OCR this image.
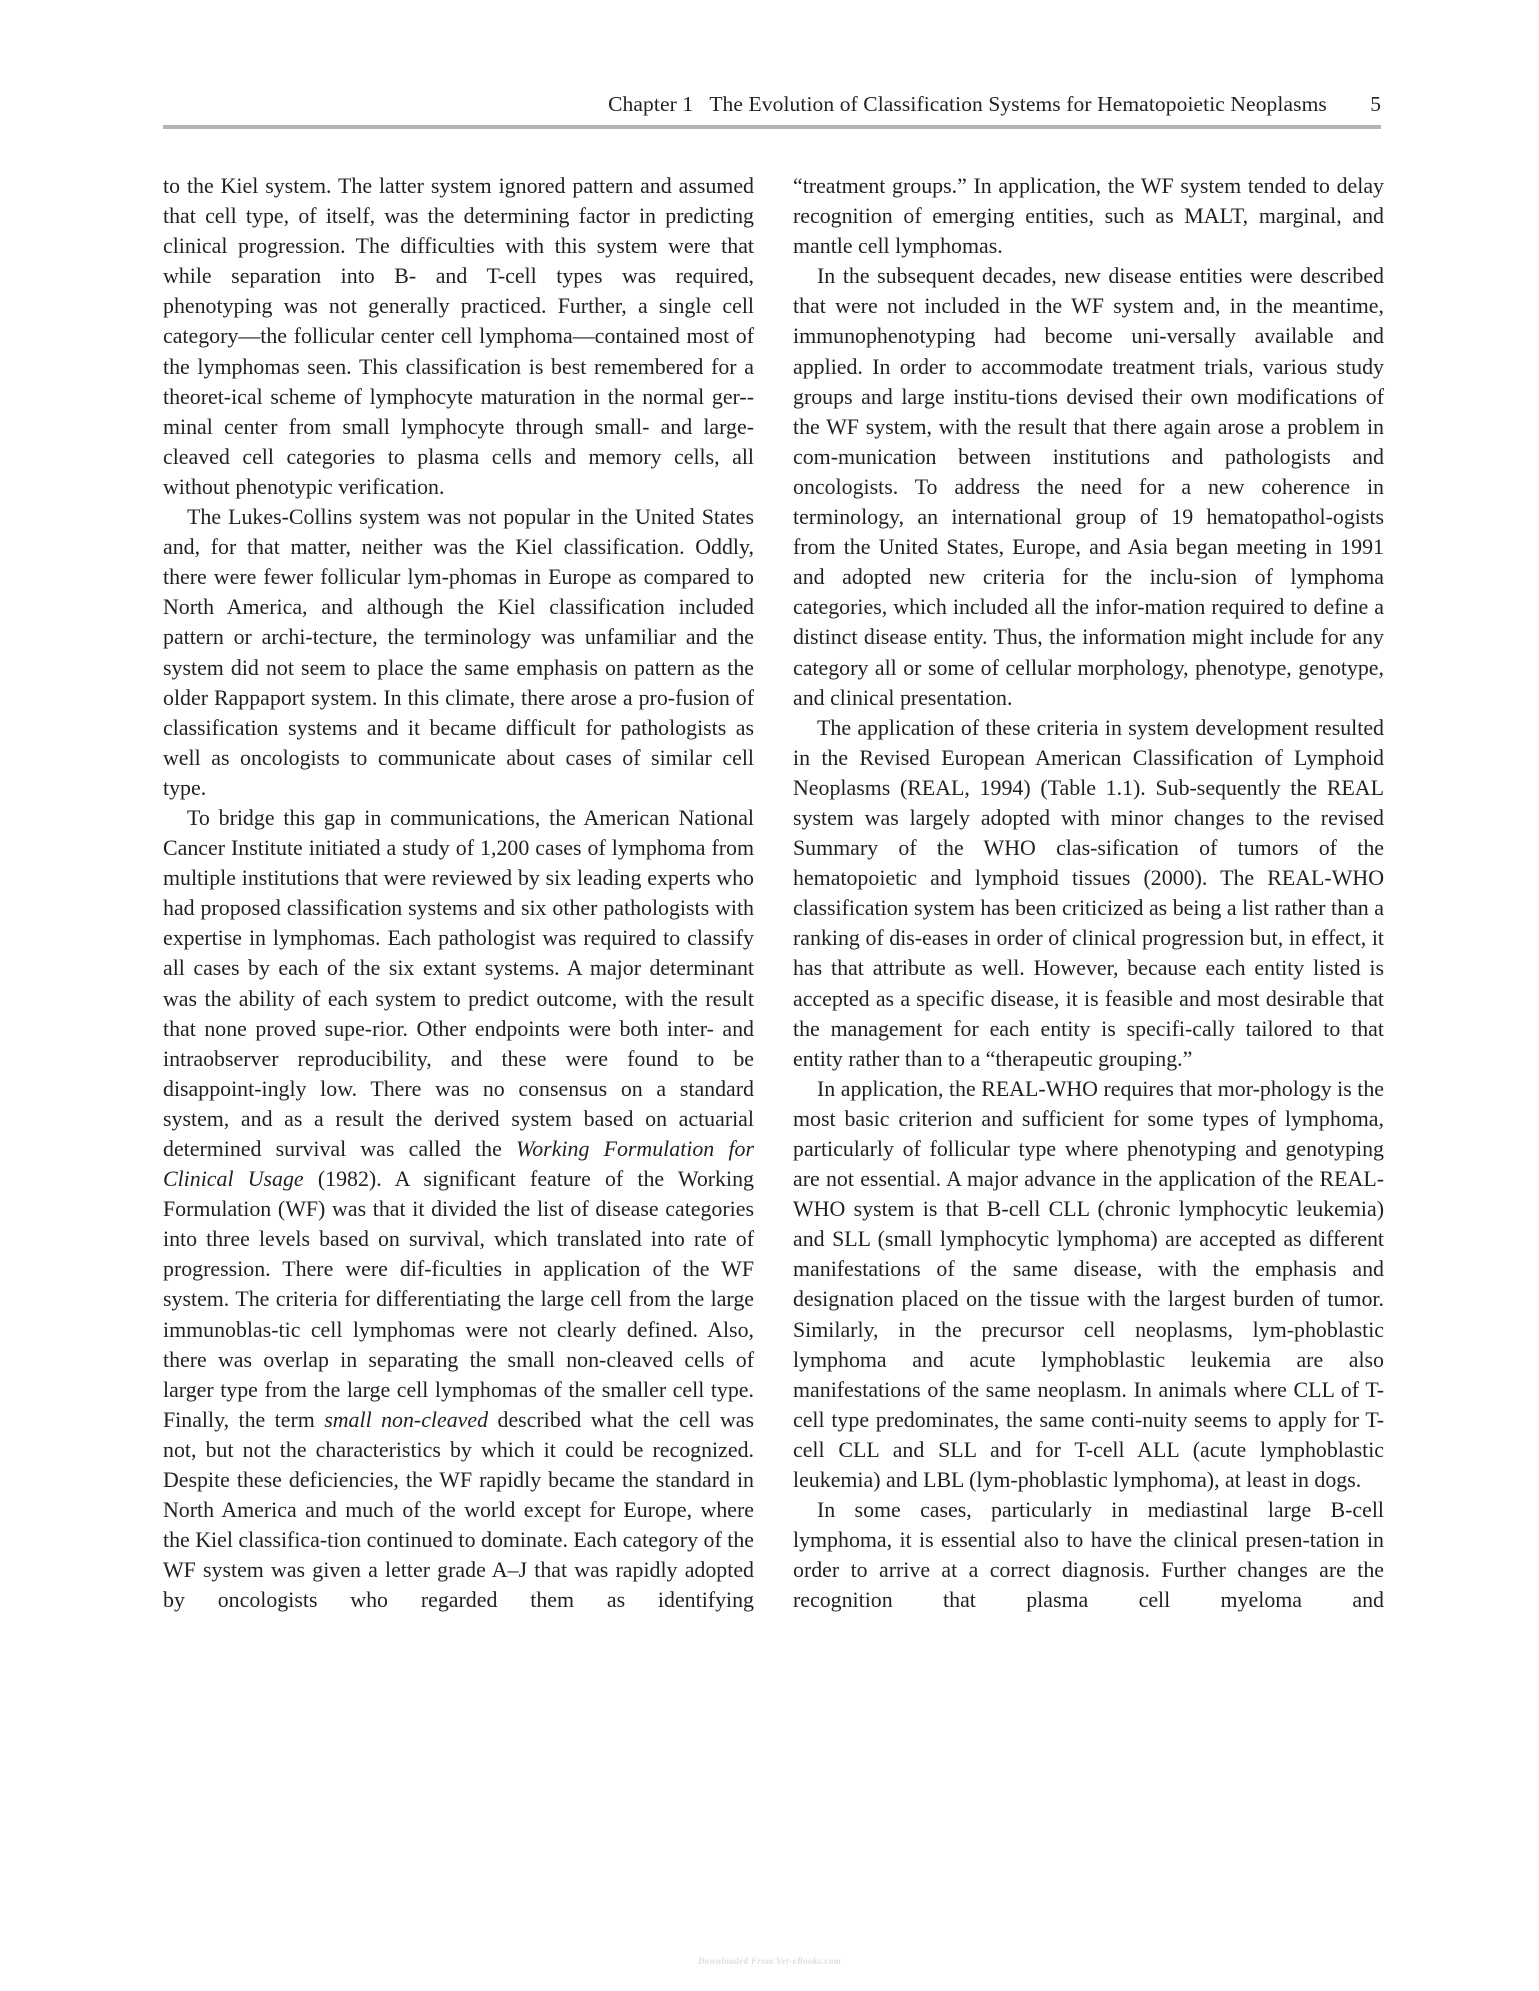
Chapter 1 The Evolution of Classification Systems for Hematopoietic Neoplasms 5

to the Kiel system. The latter system ignored pattern and assumed that cell type, of itself, was the determining factor in predicting clinical progression. The difficulties with this system were that while separation into B- and T-cell types was required, phenotyping was not generally practiced. Further, a single cell category—the follicular center cell lymphoma—contained most of the lymphomas seen. This classification is best remembered for a theoret-ical scheme of lymphocyte maturation in the normal ger-minal center from small lymphocyte through small- and large-cleaved cell categories to plasma cells and memory cells, all without phenotypic verification.

The Lukes-Collins system was not popular in the United States and, for that matter, neither was the Kiel classification. Oddly, there were fewer follicular lym-phomas in Europe as compared to North America, and although the Kiel classification included pattern or archi-tecture, the terminology was unfamiliar and the system did not seem to place the same emphasis on pattern as the older Rappaport system. In this climate, there arose a pro-fusion of classification systems and it became difficult for pathologists as well as oncologists to communicate about cases of similar cell type.

To bridge this gap in communications, the American National Cancer Institute initiated a study of 1,200 cases of lymphoma from multiple institutions that were reviewed by six leading experts who had proposed classification systems and six other pathologists with expertise in lymphomas. Each pathologist was required to classify all cases by each of the six extant systems. A major determinant was the ability of each system to predict outcome, with the result that none proved supe-rior. Other endpoints were both inter- and intraobserver reproducibility, and these were found to be disappoint-ingly low. There was no consensus on a standard system, and as a result the derived system based on actuarial determined survival was called the Working Formulation for Clinical Usage (1982). A significant feature of the Working Formulation (WF) was that it divided the list of disease categories into three levels based on survival, which translated into rate of progression. There were dif-ficulties in application of the WF system. The criteria for differentiating the large cell from the large immunoblas-tic cell lymphomas were not clearly defined. Also, there was overlap in separating the small non-cleaved cells of larger type from the large cell lymphomas of the smaller cell type. Finally, the term small non-cleaved described what the cell was not, but not the characteristics by which it could be recognized. Despite these deficiencies, the WF rapidly became the standard in North America and much of the world except for Europe, where the Kiel classifica-tion continued to dominate. Each category of the WF system was given a letter grade A–J that was rapidly adopted by oncologists who regarded them as identifying

“treatment groups.” In application, the WF system tended to delay recognition of emerging entities, such as MALT, marginal, and mantle cell lymphomas.

In the subsequent decades, new disease entities were described that were not included in the WF system and, in the meantime, immunophenotyping had become uni-versally available and applied. In order to accommodate treatment trials, various study groups and large institu-tions devised their own modifications of the WF system, with the result that there again arose a problem in com-munication between institutions and pathologists and oncologists. To address the need for a new coherence in terminology, an international group of 19 hematopathol-ogists from the United States, Europe, and Asia began meeting in 1991 and adopted new criteria for the inclu-sion of lymphoma categories, which included all the infor-mation required to define a distinct disease entity. Thus, the information might include for any category all or some of cellular morphology, phenotype, genotype, and clinical presentation.

The application of these criteria in system development resulted in the Revised European American Classification of Lymphoid Neoplasms (REAL, 1994) (Table 1.1). Sub-sequently the REAL system was largely adopted with minor changes to the revised Summary of the WHO clas-sification of tumors of the hematopoietic and lymphoid tissues (2000). The REAL-WHO classification system has been criticized as being a list rather than a ranking of dis-eases in order of clinical progression but, in effect, it has that attribute as well. However, because each entity listed is accepted as a specific disease, it is feasible and most desirable that the management for each entity is specifi-cally tailored to that entity rather than to a “therapeutic grouping.”

In application, the REAL-WHO requires that mor-phology is the most basic criterion and sufficient for some types of lymphoma, particularly of follicular type where phenotyping and genotyping are not essential. A major advance in the application of the REAL-WHO system is that B-cell CLL (chronic lymphocytic leukemia) and SLL (small lymphocytic lymphoma) are accepted as different manifestations of the same disease, with the emphasis and designation placed on the tissue with the largest burden of tumor. Similarly, in the precursor cell neoplasms, lym-phoblastic lymphoma and acute lymphoblastic leukemia are also manifestations of the same neoplasm. In animals where CLL of T-cell type predominates, the same conti-nuity seems to apply for T-cell CLL and SLL and for T-cell ALL (acute lymphoblastic leukemia) and LBL (lym-phoblastic lymphoma), at least in dogs.

In some cases, particularly in mediastinal large B-cell lymphoma, it is essential also to have the clinical presen-tation in order to arrive at a correct diagnosis. Further changes are the recognition that plasma cell myeloma and

Downloaded From Vet-eBooks.com
